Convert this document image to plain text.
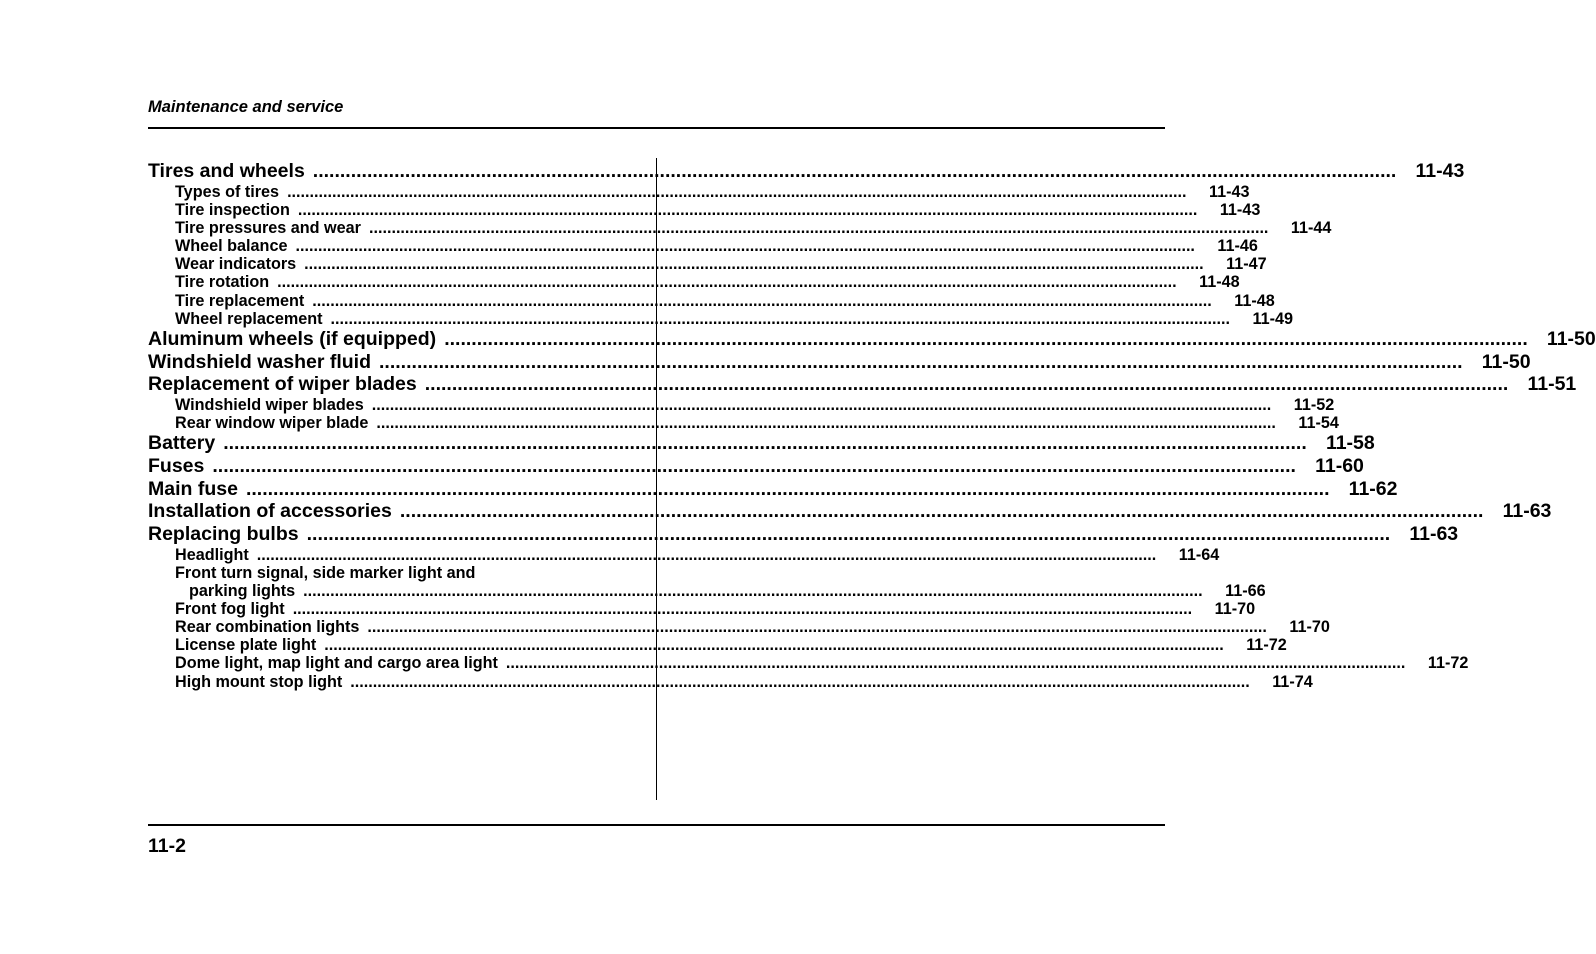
Maintenance and service
Tires and wheels ........................................................................................................................................................................................................ 11-43
Types of tires ........................................................................................................................................................................................................	11-43
Tire inspection ........................................................................................................................................................................................................	11-43
Tire pressures and wear ........................................................................................................................................................................................................	11-44
Wheel balance ........................................................................................................................................................................................................	11-46
Wear indicators ........................................................................................................................................................................................................	11-47
Tire rotation ........................................................................................................................................................................................................	11-48
Tire replacement ........................................................................................................................................................................................................	11-48
Wheel replacement ........................................................................................................................................................................................................	11-49
Aluminum wheels (if equipped) ........................................................................................................................................................................................................ 11-50
Windshield washer fluid ........................................................................................................................................................................................................ 11-50
Replacement of wiper blades ........................................................................................................................................................................................................ 11-51
Windshield wiper blades ........................................................................................................................................................................................................	11-52
Rear window wiper blade ........................................................................................................................................................................................................	11-54
Battery ........................................................................................................................................................................................................ 11-58
Fuses ........................................................................................................................................................................................................ 11-60
Main fuse ........................................................................................................................................................................................................ 11-62
Installation of accessories ........................................................................................................................................................................................................ 11-63
Replacing bulbs ........................................................................................................................................................................................................ 11-63
Headlight ........................................................................................................................................................................................................	11-64
Front turn signal, side marker light and
parking lights ........................................................................................................................................................................................................	11-66
Front fog light ........................................................................................................................................................................................................	11-70
Rear combination lights ........................................................................................................................................................................................................	11-70
License plate light ........................................................................................................................................................................................................	11-72
Dome light, map light and cargo area light ........................................................................................................................................................................................................	11-72
High mount stop light ........................................................................................................................................................................................................	11-74
11-2
